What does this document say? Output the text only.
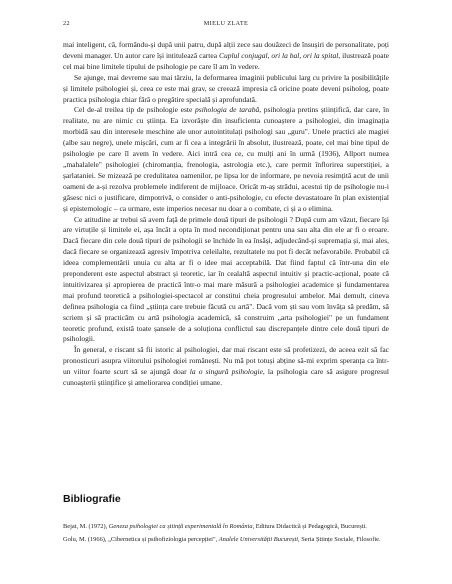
22	MIELU ZLATE

mai inteligent, că, formându-și după unii patru, după alții zece sau douăzeci de însușiri de personalitate, poți deveni manager. Un autor care își intitulează cartea Cuplul conjugal, ori la bal, ori la spital, ilustrează poate cel mai bine limitele tipului de psihologie pe care îl am în vedere.

Se ajunge, mai devreme sau mai târziu, la deformarea imaginii publicului larg cu privire la posibilitățile și limitele psihologiei și, ceea ce este mai grav, se creează impresia că oricine poate deveni psiholog, poate practica psihologia chiar fără o pregătire specială și aprofundată.

Cel de-al treilea tip de psihologie este psihologia de tarabă, psihologia pretins științifică, dar care, în realitate, nu are nimic cu știința. Ea izvorăște din insuficienta cunoaștere a psihologiei, din imaginația morbidă sau din interesele meschine ale unor autointitulați psihologi sau „guru". Unele practici ale magiei (albe sau negre), unele mișcări, cum ar fi cea a integrării în absolut, ilustrează, poate, cel mai bine tipul de psihologie pe care îl avem în vedere. Aici intră cea ce, cu mulți ani în urmă (1936), Allport numea „mahalalele" psihologiei (chiromanția, frenologia, astrologia etc.), care permit înflorirea superstiției, a șarlataniei. Se mizează pe credulitatea oamenilor, pe lipsa lor de informare, pe nevoia resimțită acut de unii oameni de a-și rezolva problemele indiferent de mijloace. Oricât m-aș strădui, acestui tip de psihologie nu-i găsesc nici o justificare, dimpotrivă, o consider o anti-psihologie, cu efecte devastatoare în plan existențial și epistemologic – ca urmare, este imperios necesar nu doar a o combate, ci și a o elimina.

Ce atitudine ar trebui să avem față de primele două tipuri de psihologii ? După cum am văzut, fiecare își are virtuțile și limitele ei, așa încât a opta în mod necondiționat pentru una sau alta din ele ar fi o eroare. Dacă fiecare din cele două tipuri de psihologii se închide în ea însăși, adjudecând-și supremația și, mai ales, dacă fiecare se organizează agresiv împotriva celeilalte, rezultatele nu pot fi decât nefavorabile. Probabil că ideea complementării unuia cu alta ar fi o idee mai acceptabilă. Dat fiind faptul că într-una din ele preponderent este aspectul abstract și teoretic, iar în cealaltă aspectul intuitiv și practic-acțional, poate că intuitivizarea și apropierea de practică într-o mai mare măsură a psihologiei academice și fundamentarea mai profund teoretică a psihologiei-spectacol ar constitui cheia progresului ambelor. Mai demult, cineva definea psihologia ca fiind „știința care trebuie făcută cu artă". Dacă vom ști sau vom învăța să predăm, să scriem și să practicăm cu artă psihologia academică, să construim „arta psihologiei" pe un fundament teoretic profund, există toate șansele de a soluționa conflictul sau discrepanțele dintre cele două tipuri de psihologii.

În general, e riscant să fii istoric al psihologiei, dar mai riscant este să profetizezi, de aceea ezit să fac pronosticuri asupra viitorului psihologiei românești. Nu mă pot totuși abține să-mi exprim speranța ca într-un viitor foarte scurt să se ajungă doar la o singură psihologie, la psihologia care să asigure progresul cunoașterii științifice și ameliorarea condiției umane.

Bibliografie
Bejat, M. (1972), Geneza psihologiei ca știință experimentală în România, Editura Didactică și Pedagogică, București.
Golu, M. (1966), „Cibernetica și psihofiziologia percepției", Analele Universității București, Seria Științe Sociale, Filosofie.
